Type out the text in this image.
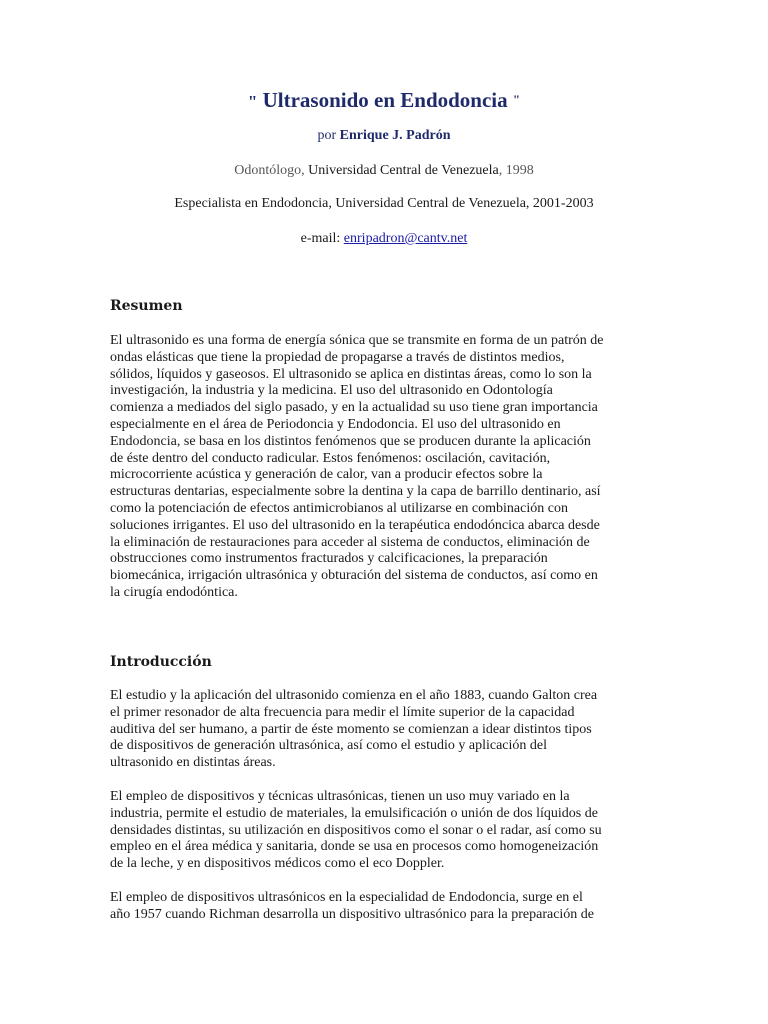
" Ultrasonido en Endodoncia "
por Enrique J. Padrón
Odontólogo, Universidad Central de Venezuela, 1998
Especialista en Endodoncia, Universidad Central de Venezuela, 2001-2003
e-mail: enripadron@cantv.net
Resumen

El ultrasonido es una forma de energía sónica que se transmite en forma de un patrón de
ondas elásticas que tiene la propiedad de propagarse a través de distintos medios,
sólidos, líquidos y gaseosos. El ultrasonido se aplica en distintas áreas, como lo son la
investigación, la industria y la medicina. El uso del ultrasonido en Odontología
comienza a mediados del siglo pasado, y en la actualidad su uso tiene gran importancia
especialmente en el área de Periodoncia y Endodoncia. El uso del ultrasonido en
Endodoncia, se basa en los distintos fenómenos que se producen durante la aplicación
de éste dentro del conducto radicular. Estos fenómenos: oscilación, cavitación,
microcorriente acústica y generación de calor, van a producir efectos sobre la
estructuras dentarias, especialmente sobre la dentina y la capa de barrillo dentinario, así
como la potenciación de efectos antimicrobianos al utilizarse en combinación con
soluciones irrigantes. El uso del ultrasonido en la terapéutica endodóncica abarca desde
la eliminación de restauraciones para acceder al sistema de conductos, eliminación de
obstrucciones como instrumentos fracturados y calcificaciones, la preparación
biomecánica, irrigación ultrasónica y obturación del sistema de conductos, así como en
la cirugía endodóntica.

Introducción

El estudio y la aplicación del ultrasonido comienza en el año 1883, cuando Galton crea
el primer resonador de alta frecuencia para medir el límite superior de la capacidad
auditiva del ser humano, a partir de éste momento se comienzan a idear distintos tipos
de dispositivos de generación ultrasónica, así como el estudio y aplicación del
ultrasonido en distintas áreas.

El empleo de dispositivos y técnicas ultrasónicas, tienen un uso muy variado en la
industria, permite el estudio de materiales, la emulsificación o unión de dos líquidos de
densidades distintas, su utilización en dispositivos como el sonar o el radar, así como su
empleo en el área médica y sanitaria, donde se usa en procesos como homogeneización
de la leche, y en dispositivos médicos como el eco Doppler.

El empleo de dispositivos ultrasónicos en la especialidad de Endodoncia, surge en el
año 1957 cuando Richman desarrolla un dispositivo ultrasónico para la preparación de
